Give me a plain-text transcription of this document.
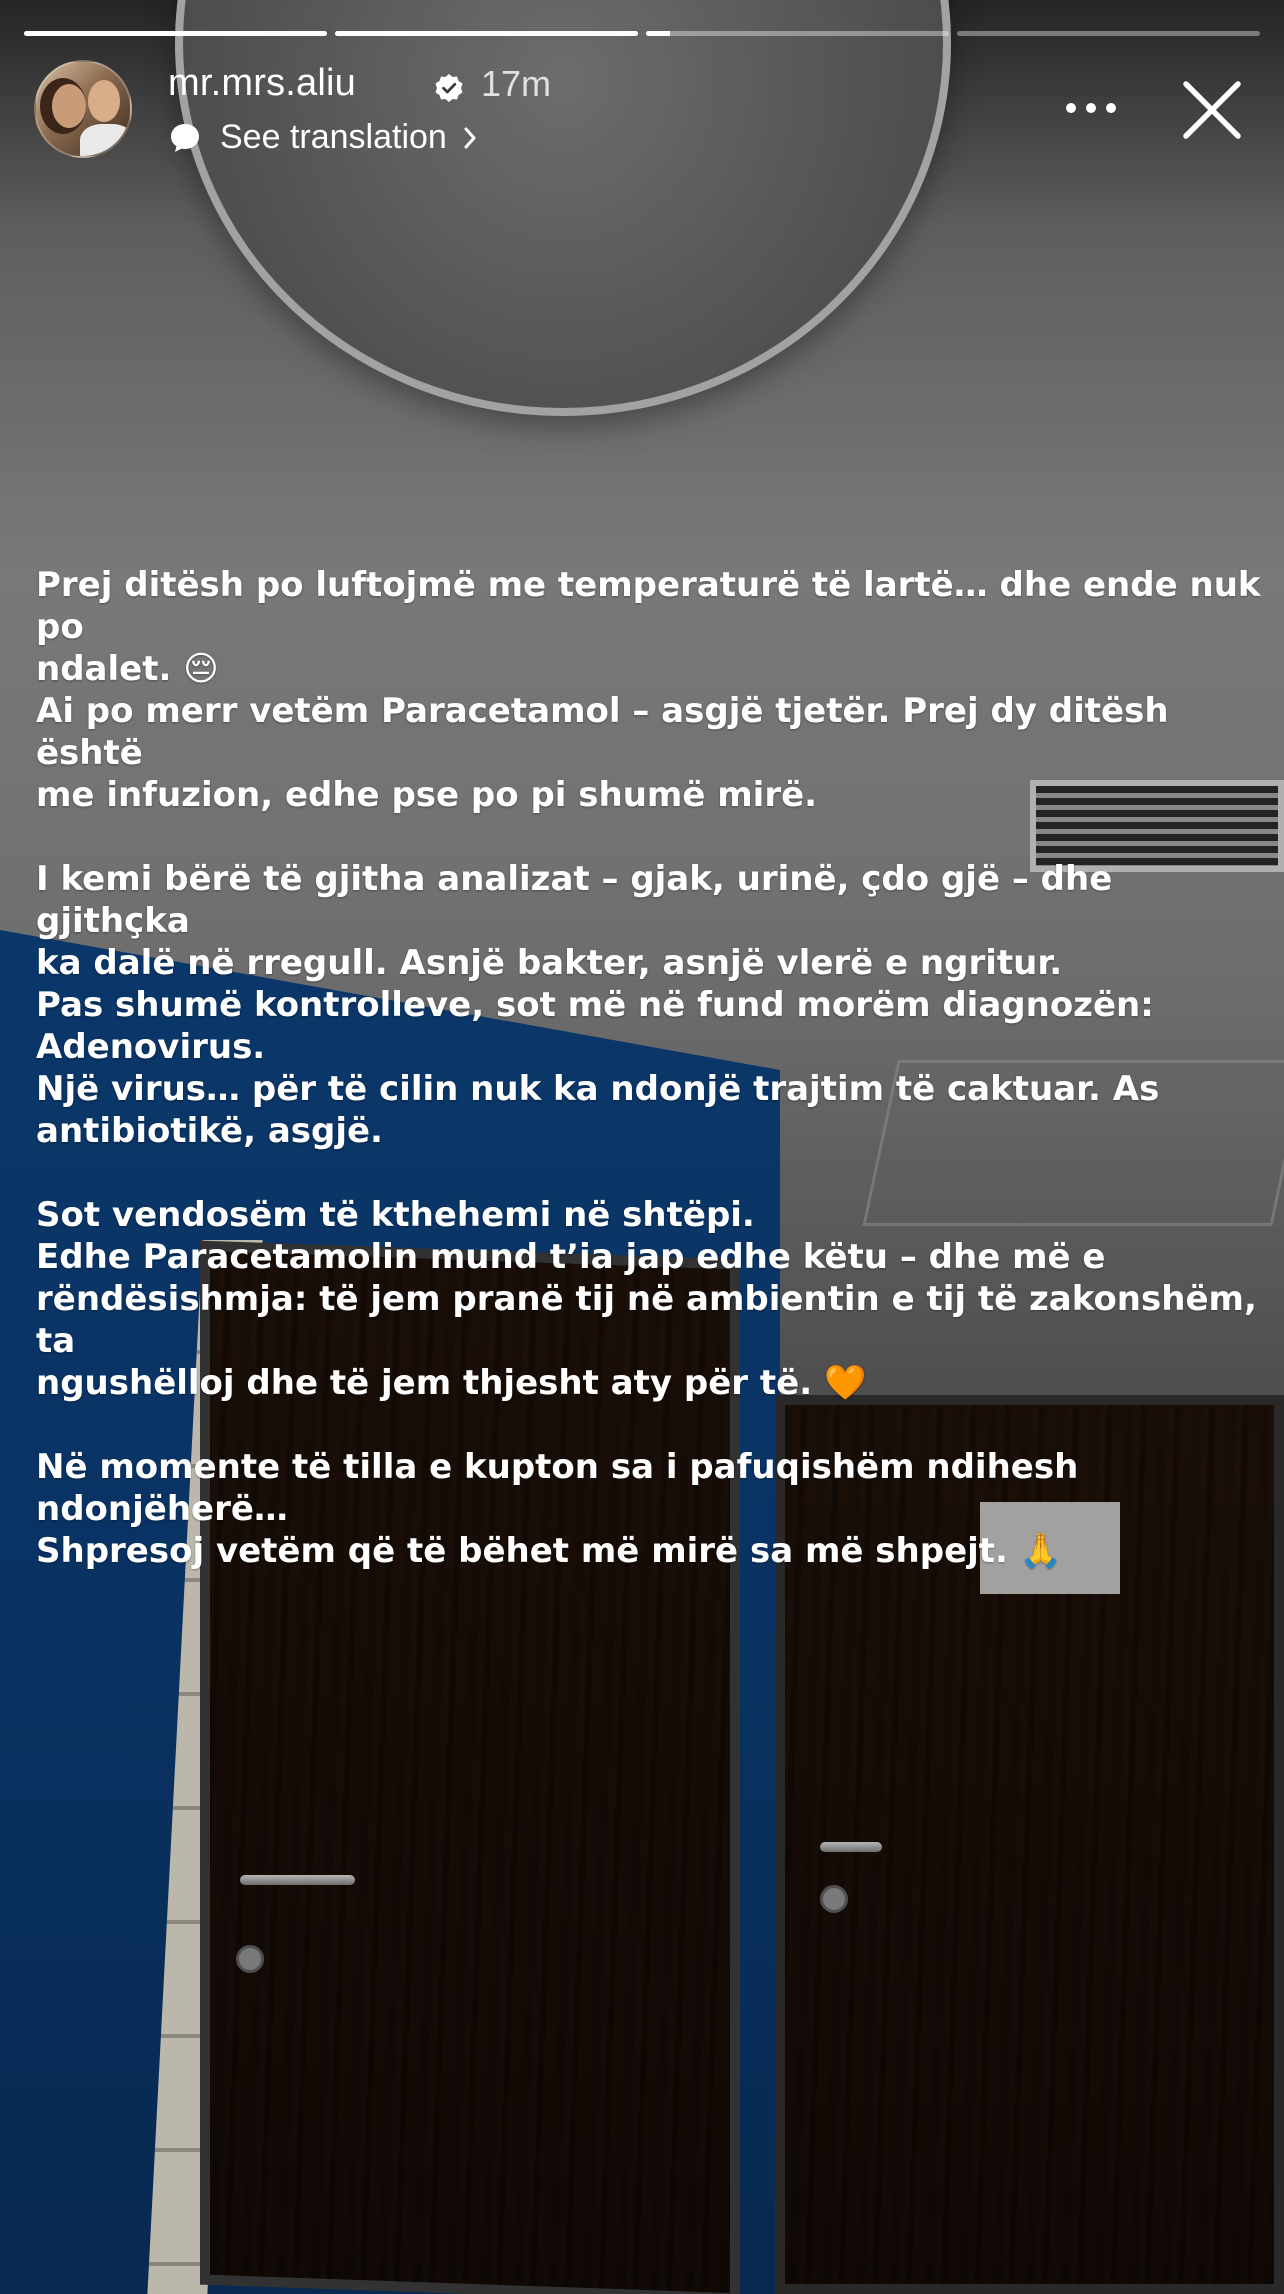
mr.mrs.aliu	17m
See translation

Prej ditësh po luftojmë me temperaturë të lartë… dhe ende nuk po

ndalet. 😔

Ai po merr vetëm Paracetamol – asgjë tjetër. Prej dy ditësh është

me infuzion, edhe pse po pi shumë mirë.

I kemi bërë të gjitha analizat – gjak, urinë, çdo gjë – dhe gjithçka

ka dalë në rregull. Asnjë bakter, asnjë vlerë e ngritur.

Pas shumë kontrolleve, sot më në fund morëm diagnozën:

Adenovirus.

Një virus… për të cilin nuk ka ndonjë trajtim të caktuar. As

antibiotikë, asgjë.

Sot vendosëm të kthehemi në shtëpi.

Edhe Paracetamolin mund t’ia jap edhe këtu – dhe më e

rëndësishmja: të jem pranë tij në ambientin e tij të zakonshëm, ta

ngushëlloj dhe të jem thjesht aty për të. 🧡

Në momente të tilla e kupton sa i pafuqishëm ndihesh ndonjëherë…

Shpresoj vetëm që të bëhet më mirë sa më shpejt. 🙏
